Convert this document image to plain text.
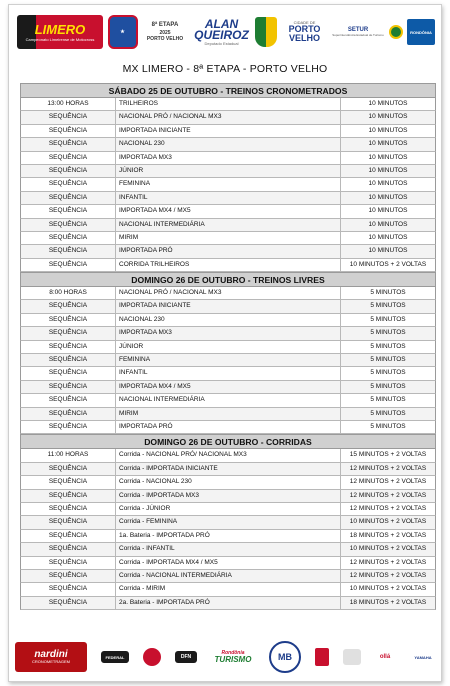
LIMERO
Campeonato Limeirense de Motocross
★
8ª ETAPA
2025
PORTO VELHO
ALAN
QUEIROZ
Deputado Estadual
CIDADE DE
PORTO
VELHO
SETUR
Superintendência Estadual de Turismo
RONDÔNIA
MX LIMERO - 8ª ETAPA - PORTO VELHO
SÁBADO 25 DE OUTUBRO - TREINOS CRONOMETRADOS
13:00 HORAS	TRILHEIROS	10 MINUTOS
SEQUÊNCIA	NACIONAL PRÓ / NACIONAL MX3	10 MINUTOS
SEQUÊNCIA	IMPORTADA INICIANTE	10 MINUTOS
SEQUÊNCIA	NACIONAL 230	10 MINUTOS
SEQUÊNCIA	IMPORTADA MX3	10 MINUTOS
SEQUÊNCIA	JÚNIOR	10 MINUTOS
SEQUÊNCIA	FEMININA	10 MINUTOS
SEQUÊNCIA	INFANTIL	10 MINUTOS
SEQUÊNCIA	IMPORTADA MX4 / MX5	10 MINUTOS
SEQUÊNCIA	NACIONAL INTERMEDIÁRIA	10 MINUTOS
SEQUÊNCIA	MIRIM	10 MINUTOS
SEQUÊNCIA	IMPORTADA PRÓ	10 MINUTOS
SEQUÊNCIA	CORRIDA TRILHEIROS	10 MINUTOS + 2 VOLTAS
DOMINGO 26 DE OUTUBRO - TREINOS LIVRES
8:00 HORAS	NACIONAL PRÓ / NACIONAL MX3	5 MINUTOS
SEQUÊNCIA	IMPORTADA INICIANTE	5 MINUTOS
SEQUÊNCIA	NACIONAL 230	5 MINUTOS
SEQUÊNCIA	IMPORTADA MX3	5 MINUTOS
SEQUÊNCIA	JÚNIOR	5 MINUTOS
SEQUÊNCIA	FEMININA	5 MINUTOS
SEQUÊNCIA	INFANTIL	5 MINUTOS
SEQUÊNCIA	IMPORTADA MX4 / MX5	5 MINUTOS
SEQUÊNCIA	NACIONAL INTERMEDIÁRIA	5 MINUTOS
SEQUÊNCIA	MIRIM	5 MINUTOS
SEQUÊNCIA	IMPORTADA PRÓ	5 MINUTOS
DOMINGO 26 DE OUTUBRO - CORRIDAS
11:00 HORAS	Corrida - NACIONAL PRÓ/ NACIONAL MX3	15 MINUTOS + 2 VOLTAS
SEQUÊNCIA	Corrida - IMPORTADA INICIANTE	12 MINUTOS + 2 VOLTAS
SEQUÊNCIA	Corrida - NACIONAL 230	12 MINUTOS + 2 VOLTAS
SEQUÊNCIA	Corrida - IMPORTADA MX3	12 MINUTOS + 2 VOLTAS
SEQUÊNCIA	Corrida - JÚNIOR	12 MINUTOS + 2 VOLTAS
SEQUÊNCIA	Corrida - FEMININA	10 MINUTOS + 2 VOLTAS
SEQUÊNCIA	1a. Bateria - IMPORTADA PRÓ	18 MINUTOS + 2 VOLTAS
SEQUÊNCIA	Corrida - INFANTIL	10 MINUTOS + 2 VOLTAS
SEQUÊNCIA	Corrida - IMPORTADA MX4 / MX5	12 MINUTOS + 2 VOLTAS
SEQUÊNCIA	Corrida - NACIONAL INTERMEDIÁRIA	12 MINUTOS + 2 VOLTAS
SEQUÊNCIA	Corrida - MIRIM	10 MINUTOS + 2 VOLTAS
SEQUÊNCIA	2a. Bateria - IMPORTADA PRÓ	18 MINUTOS + 2 VOLTAS
nardini
CRONOMETRAGEM
FEDERAL	DFN
Rondônia
TURISMO	MB	ollá	YAMAHA
